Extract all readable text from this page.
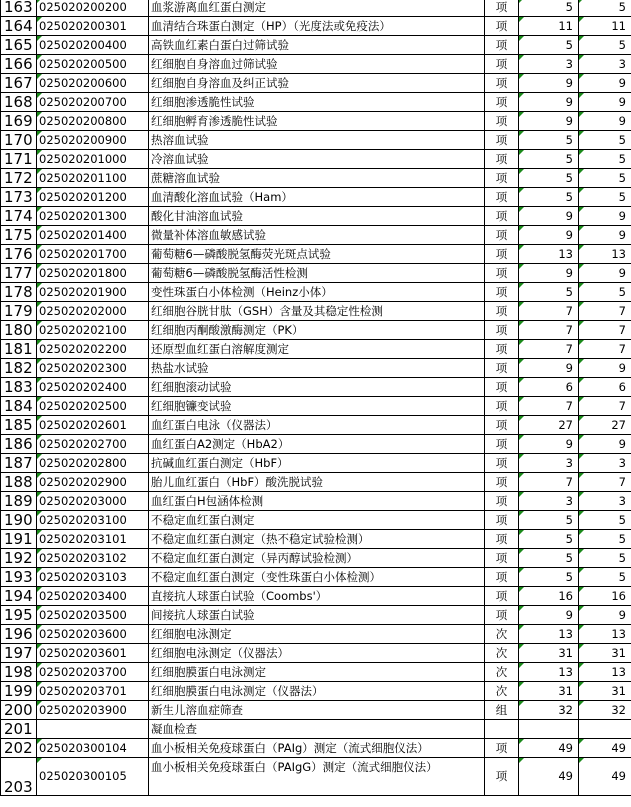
163	025020200200	血浆游离血红蛋白测定	项	5	5
164	025020200301	血清结合珠蛋白测定（HP）（光度法或免疫法）	项	11	11
165	025020200400	高铁血红素白蛋白过筛试验	项	5	5
166	025020200500	红细胞自身溶血过筛试验	项	3	3
167	025020200600	红细胞自身溶血及纠正试验	项	9	9
168	025020200700	红细胞渗透脆性试验	项	9	9
169	025020200800	红细胞孵育渗透脆性试验	项	9	9
170	025020200900	热溶血试验	项	5	5
171	025020201000	冷溶血试验	项	5	5
172	025020201100	蔗糖溶血试验	项	5	5
173	025020201200	血清酸化溶血试验（Ham）	项	5	5
174	025020201300	酸化甘油溶血试验	项	9	9
175	025020201400	微量补体溶血敏感试验	项	9	9
176	025020201700	葡萄糖6—磷酸脱氢酶荧光斑点试验	项	13	13
177	025020201800	葡萄糖6—磷酸脱氢酶活性检测	项	9	9
178	025020201900	变性珠蛋白小体检测（Heinz小体）	项	5	5
179	025020202000	红细胞谷胱甘肽（GSH）含量及其稳定性检测	项	7	7
180	025020202100	红细胞丙酮酸激酶测定（PK）	项	7	7
181	025020202200	还原型血红蛋白溶解度测定	项	7	7
182	025020202300	热盐水试验	项	9	9
183	025020202400	红细胞滚动试验	项	6	6
184	025020202500	红细胞镰变试验	项	7	7
185	025020202601	血红蛋白电泳（仪器法）	项	27	27
186	025020202700	血红蛋白A2测定（HbA2）	项	9	9
187	025020202800	抗碱血红蛋白测定（HbF）	项	3	3
188	025020202900	胎儿血红蛋白（HbF）酸洗脱试验	项	7	7
189	025020203000	血红蛋白H包涵体检测	项	3	3
190	025020203100	不稳定血红蛋白测定	项	5	5
191	025020203101	不稳定血红蛋白测定（热不稳定试验检测）	项	5	5
192	025020203102	不稳定血红蛋白测定（异丙醇试验检测）	项	5	5
193	025020203103	不稳定血红蛋白测定（变性珠蛋白小体检测）	项	5	5
194	025020203400	直接抗人球蛋白试验（Coombs'）	项	16	16
195	025020203500	间接抗人球蛋白试验	项	9	9
196	025020203600	红细胞电泳测定	次	13	13
197	025020203601	红细胞电泳测定（仪器法）	次	31	31
198	025020203700	红细胞膜蛋白电泳测定	次	13	13
199	025020203701	红细胞膜蛋白电泳测定（仪器法）	次	31	31
200	025020203900	新生儿溶血症筛查	组	32	32
201		凝血检查			
202	025020300104	血小板相关免疫球蛋白（PAIg）测定（流式细胞仪法）	项	49	49
203	025020300105	血小板相关免疫球蛋白（PAIgG）测定（流式细胞仪法）	项	49	49
